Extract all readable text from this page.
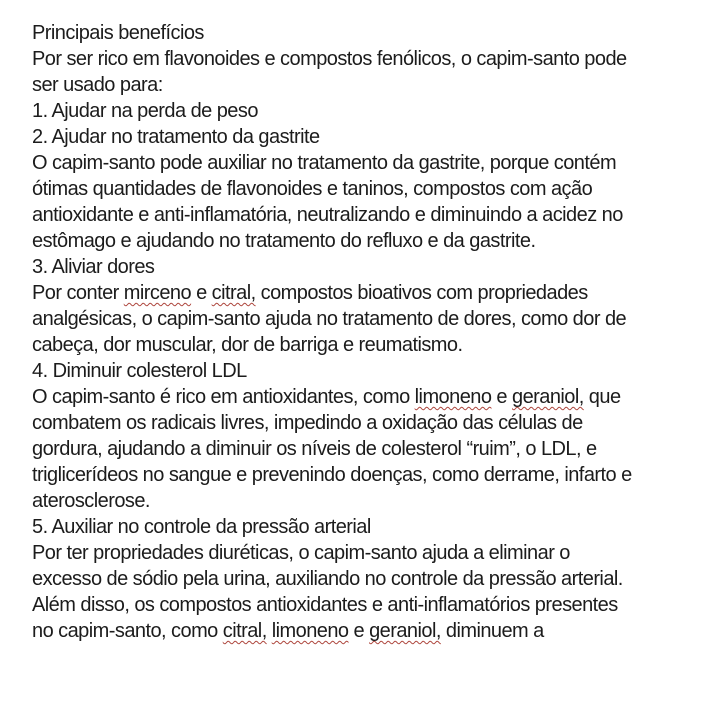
Principais benefícios
Por ser rico em flavonoides e compostos fenólicos, o capim-santo pode
ser usado para:
1. Ajudar na perda de peso
2. Ajudar no tratamento da gastrite
O capim-santo pode auxiliar no tratamento da gastrite, porque contém
ótimas quantidades de flavonoides e taninos, compostos com ação
antioxidante e anti-inflamatória, neutralizando e diminuindo a acidez no
estômago e ajudando no tratamento do refluxo e da gastrite.
3. Aliviar dores
Por conter mirceno e citral, compostos bioativos com propriedades
analgésicas, o capim-santo ajuda no tratamento de dores, como dor de
cabeça, dor muscular, dor de barriga e reumatismo.
4. Diminuir colesterol LDL
O capim-santo é rico em antioxidantes, como limoneno e geraniol, que
combatem os radicais livres, impedindo a oxidação das células de
gordura, ajudando a diminuir os níveis de colesterol “ruim”, o LDL, e
triglicerídeos no sangue e prevenindo doenças, como derrame, infarto e
aterosclerose.
5. Auxiliar no controle da pressão arterial
Por ter propriedades diuréticas, o capim-santo ajuda a eliminar o
excesso de sódio pela urina, auxiliando no controle da pressão arterial.
Além disso, os compostos antioxidantes e anti-inflamatórios presentes
no capim-santo, como citral, limoneno e geraniol, diminuem a
